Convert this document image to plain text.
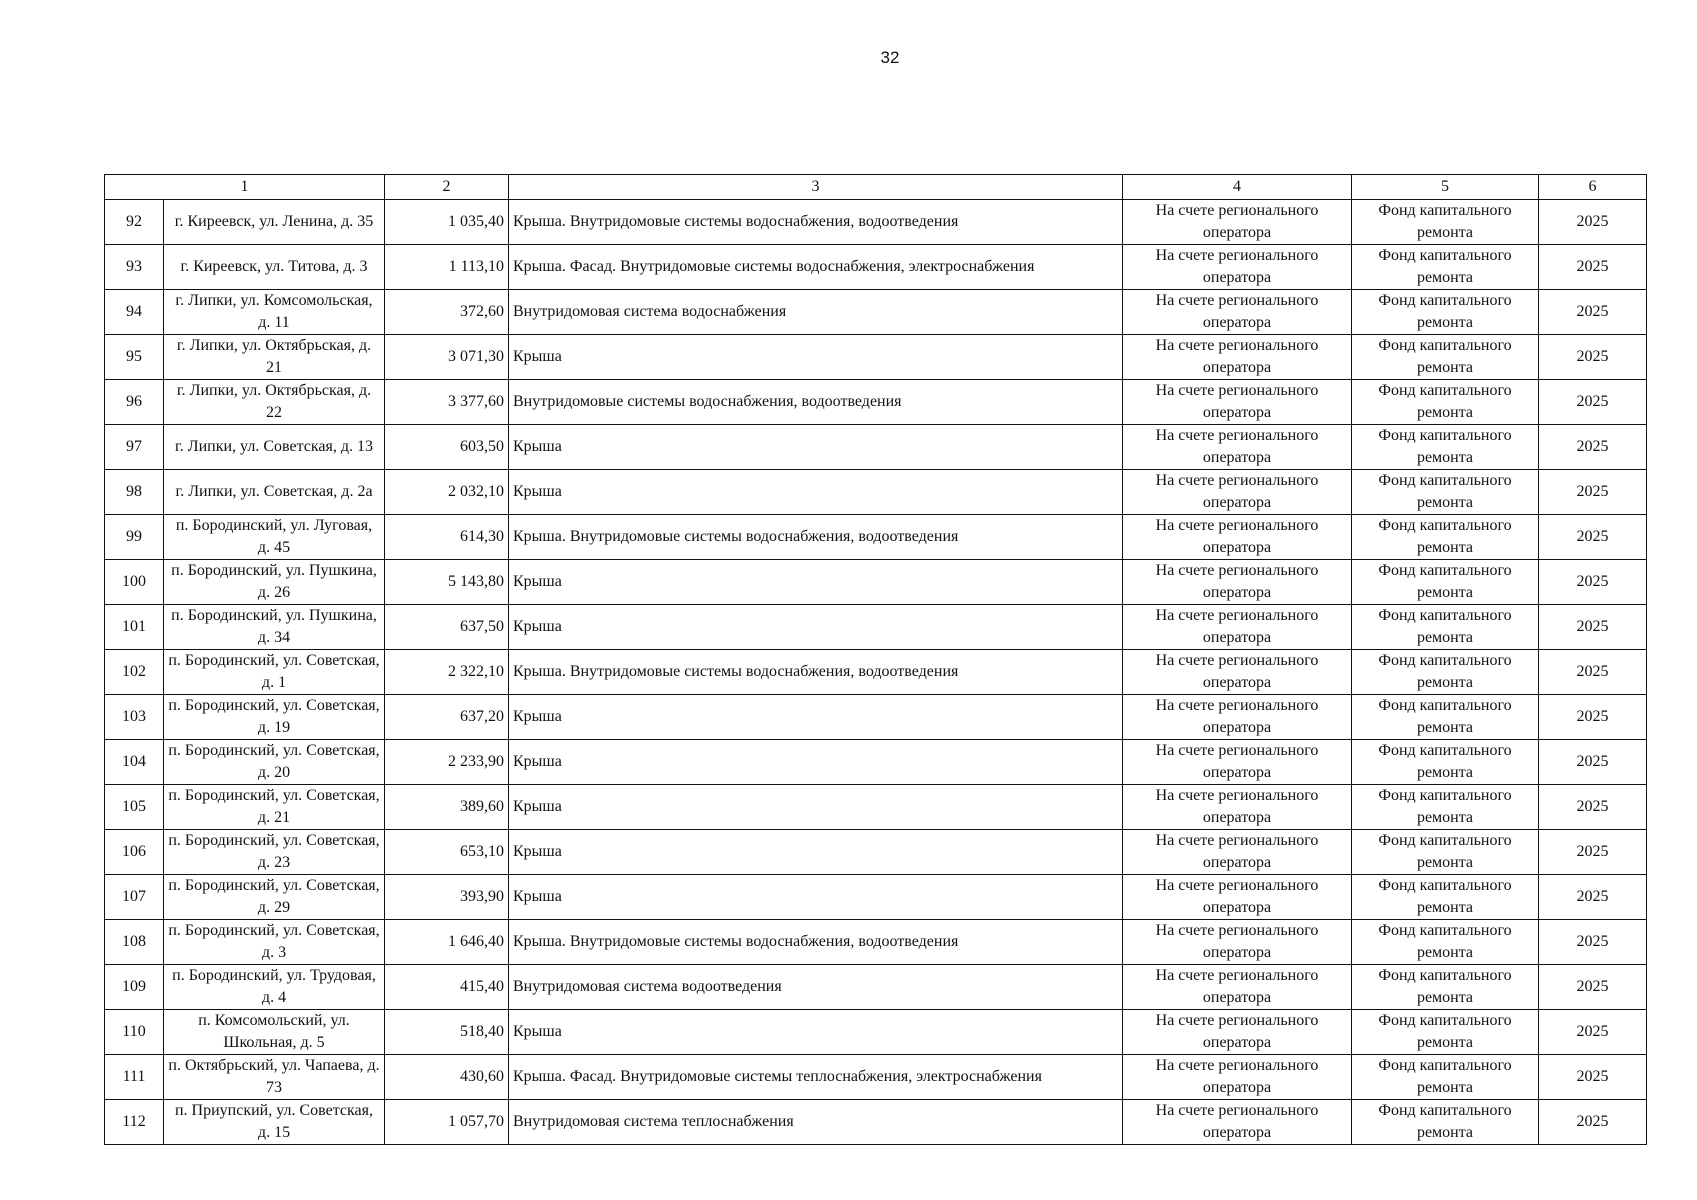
32
1		2	3	4	5	6
92	г. Киреевск, ул. Ленина, д. 35	1 035,40	Крыша. Внутридомовые системы водоснабжения, водоотведения	На счете регионального оператора	Фонд капитального ремонта	2025
93	г. Киреевск, ул. Титова, д. 3	1 113,10	Крыша. Фасад. Внутридомовые системы водоснабжения, электроснабжения	На счете регионального оператора	Фонд капитального ремонта	2025
94	г. Липки, ул. Комсомольская, д. 11	372,60	Внутридомовая система водоснабжения	На счете регионального оператора	Фонд капитального ремонта	2025
95	г. Липки, ул. Октябрьская, д. 21	3 071,30	Крыша	На счете регионального оператора	Фонд капитального ремонта	2025
96	г. Липки, ул. Октябрьская, д. 22	3 377,60	Внутридомовые системы водоснабжения, водоотведения	На счете регионального оператора	Фонд капитального ремонта	2025
97	г. Липки, ул. Советская, д. 13	603,50	Крыша	На счете регионального оператора	Фонд капитального ремонта	2025
98	г. Липки, ул. Советская, д. 2а	2 032,10	Крыша	На счете регионального оператора	Фонд капитального ремонта	2025
99	п. Бородинский, ул. Луговая, д. 45	614,30	Крыша. Внутридомовые системы водоснабжения, водоотведения	На счете регионального оператора	Фонд капитального ремонта	2025
100	п. Бородинский, ул. Пушкина, д. 26	5 143,80	Крыша	На счете регионального оператора	Фонд капитального ремонта	2025
101	п. Бородинский, ул. Пушкина, д. 34	637,50	Крыша	На счете регионального оператора	Фонд капитального ремонта	2025
102	п. Бородинский, ул. Советская, д. 1	2 322,10	Крыша. Внутридомовые системы водоснабжения, водоотведения	На счете регионального оператора	Фонд капитального ремонта	2025
103	п. Бородинский, ул. Советская, д. 19	637,20	Крыша	На счете регионального оператора	Фонд капитального ремонта	2025
104	п. Бородинский, ул. Советская, д. 20	2 233,90	Крыша	На счете регионального оператора	Фонд капитального ремонта	2025
105	п. Бородинский, ул. Советская, д. 21	389,60	Крыша	На счете регионального оператора	Фонд капитального ремонта	2025
106	п. Бородинский, ул. Советская, д. 23	653,10	Крыша	На счете регионального оператора	Фонд капитального ремонта	2025
107	п. Бородинский, ул. Советская, д. 29	393,90	Крыша	На счете регионального оператора	Фонд капитального ремонта	2025
108	п. Бородинский, ул. Советская, д. 3	1 646,40	Крыша. Внутридомовые системы водоснабжения, водоотведения	На счете регионального оператора	Фонд капитального ремонта	2025
109	п. Бородинский, ул. Трудовая, д. 4	415,40	Внутридомовая система водоотведения	На счете регионального оператора	Фонд капитального ремонта	2025
110	п. Комсомольский, ул. Школьная, д. 5	518,40	Крыша	На счете регионального оператора	Фонд капитального ремонта	2025
111	п. Октябрьский, ул. Чапаева, д. 73	430,60	Крыша. Фасад. Внутридомовые системы теплоснабжения, электроснабжения	На счете регионального оператора	Фонд капитального ремонта	2025
112	п. Приупский, ул. Советская, д. 15	1 057,70	Внутридомовая система теплоснабжения	На счете регионального оператора	Фонд капитального ремонта	2025
